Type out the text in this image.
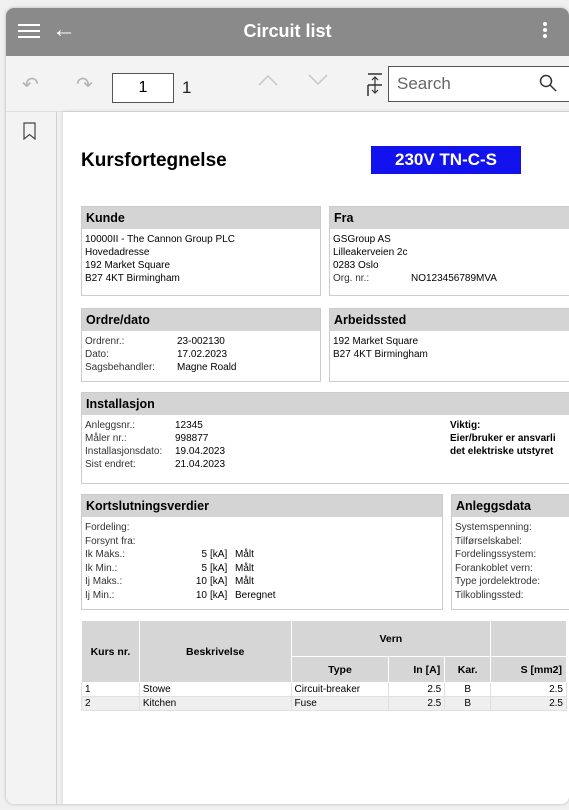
←	Circuit list
↶ ↷	1	1
Search
Kursfortegnelse	230V TN-C-S
Kunde
10000II - The Cannon Group PLC
Hovedadresse
192 Market Square
B27 4KT Birmingham
Fra
GSGroup AS
Lilleakerveien 2c
0283 Oslo
Org. nr.:	NO123456789MVA
Ordre/dato
Ordrenr.:	23-002130
Dato:	17.02.2023
Sagsbehandler:	Magne Roald
Arbeidssted
192 Market Square
B27 4KT Birmingham
Installasjon
Anleggsnr.:	12345
Måler nr.:	998877
Installasjonsdato:	19.04.2023
Sist endret:	21.04.2023
Viktig:
Eier/bruker er ansvarli
det elektriske utstyret
Kortslutningsverdier
Fordeling:
Forsynt fra:
Ik Maks.:	5 [kA] Målt
Ik Min.:	5 [kA] Målt
Ij Maks.:	10 [kA] Målt
Ij Min.:	10 [kA] Beregnet
Anleggsdata
Systemspenning:
Tilførselskabel:
Fordelingssystem:
Forankoblet vern:
Type jordelektrode:
Tilkoblingssted:
Kurs nr.	Beskrivelse	Vern			
		Type	In [A]	Kar.	S [mm2]
1	Stowe	Circuit-breaker	2.5	B	2.5
2	Kitchen	Fuse	2.5	B	2.5
